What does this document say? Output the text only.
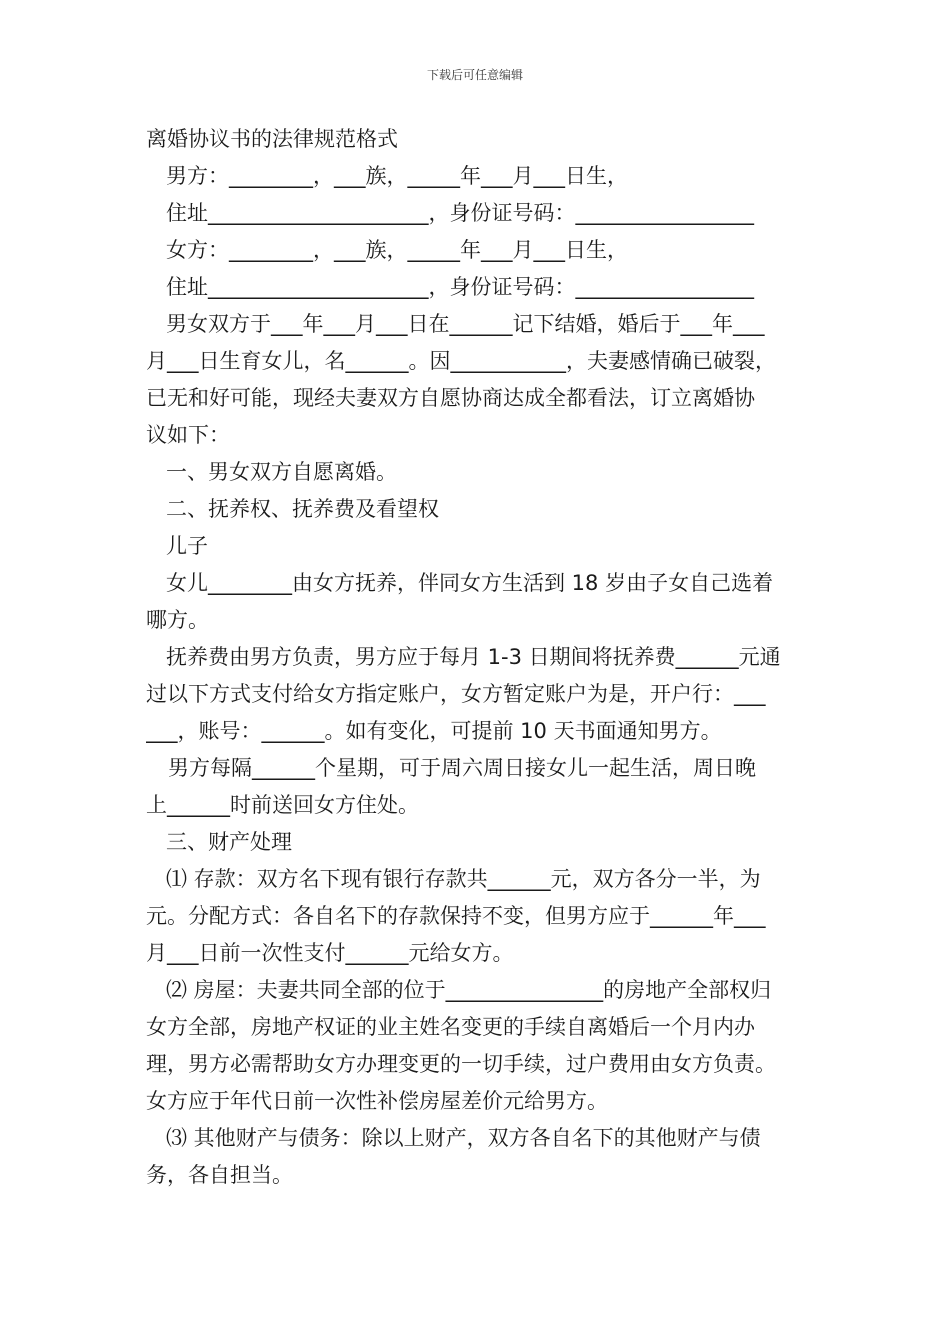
下载后可任意编辑
离婚协议书的法律规范格式
男方：________，___族，_____年___月___日生，
住址_____________________，身份证号码：_________________
女方：________，___族，_____年___月___日生，
住址_____________________，身份证号码：_________________
男女双方于___年___月___日在______记下结婚，婚后于___年___
月___日生育女儿，名______。因___________，夫妻感情确已破裂，
已无和好可能，现经夫妻双方自愿协商达成全都看法，订立离婚协
议如下：
一、男女双方自愿离婚。
二、抚养权、抚养费及看望权
儿子
女儿________由女方抚养，伴同女方生活到 18 岁由子女自己选着
哪方。
抚养费由男方负责，男方应于每月 1-3 日期间将抚养费______元通
过以下方式支付给女方指定账户，女方暂定账户为是，开户行：___
___，账号：______。如有变化，可提前 10 天书面通知男方。
男方每隔______个星期，可于周六周日接女儿一起生活，周日晚
上______时前送回女方住处。
三、财产处理
⑴ 存款：双方名下现有银行存款共______元，双方各分一半，为
元。分配方式：各自名下的存款保持不变，但男方应于______年___
月___日前一次性支付______元给女方。
⑵ 房屋：夫妻共同全部的位于_______________的房地产全部权归
女方全部，房地产权证的业主姓名变更的手续自离婚后一个月内办
理，男方必需帮助女方办理变更的一切手续，过户费用由女方负责。
女方应于年代日前一次性补偿房屋差价元给男方。
⑶ 其他财产与债务：除以上财产，双方各自名下的其他财产与债
务，各自担当。
